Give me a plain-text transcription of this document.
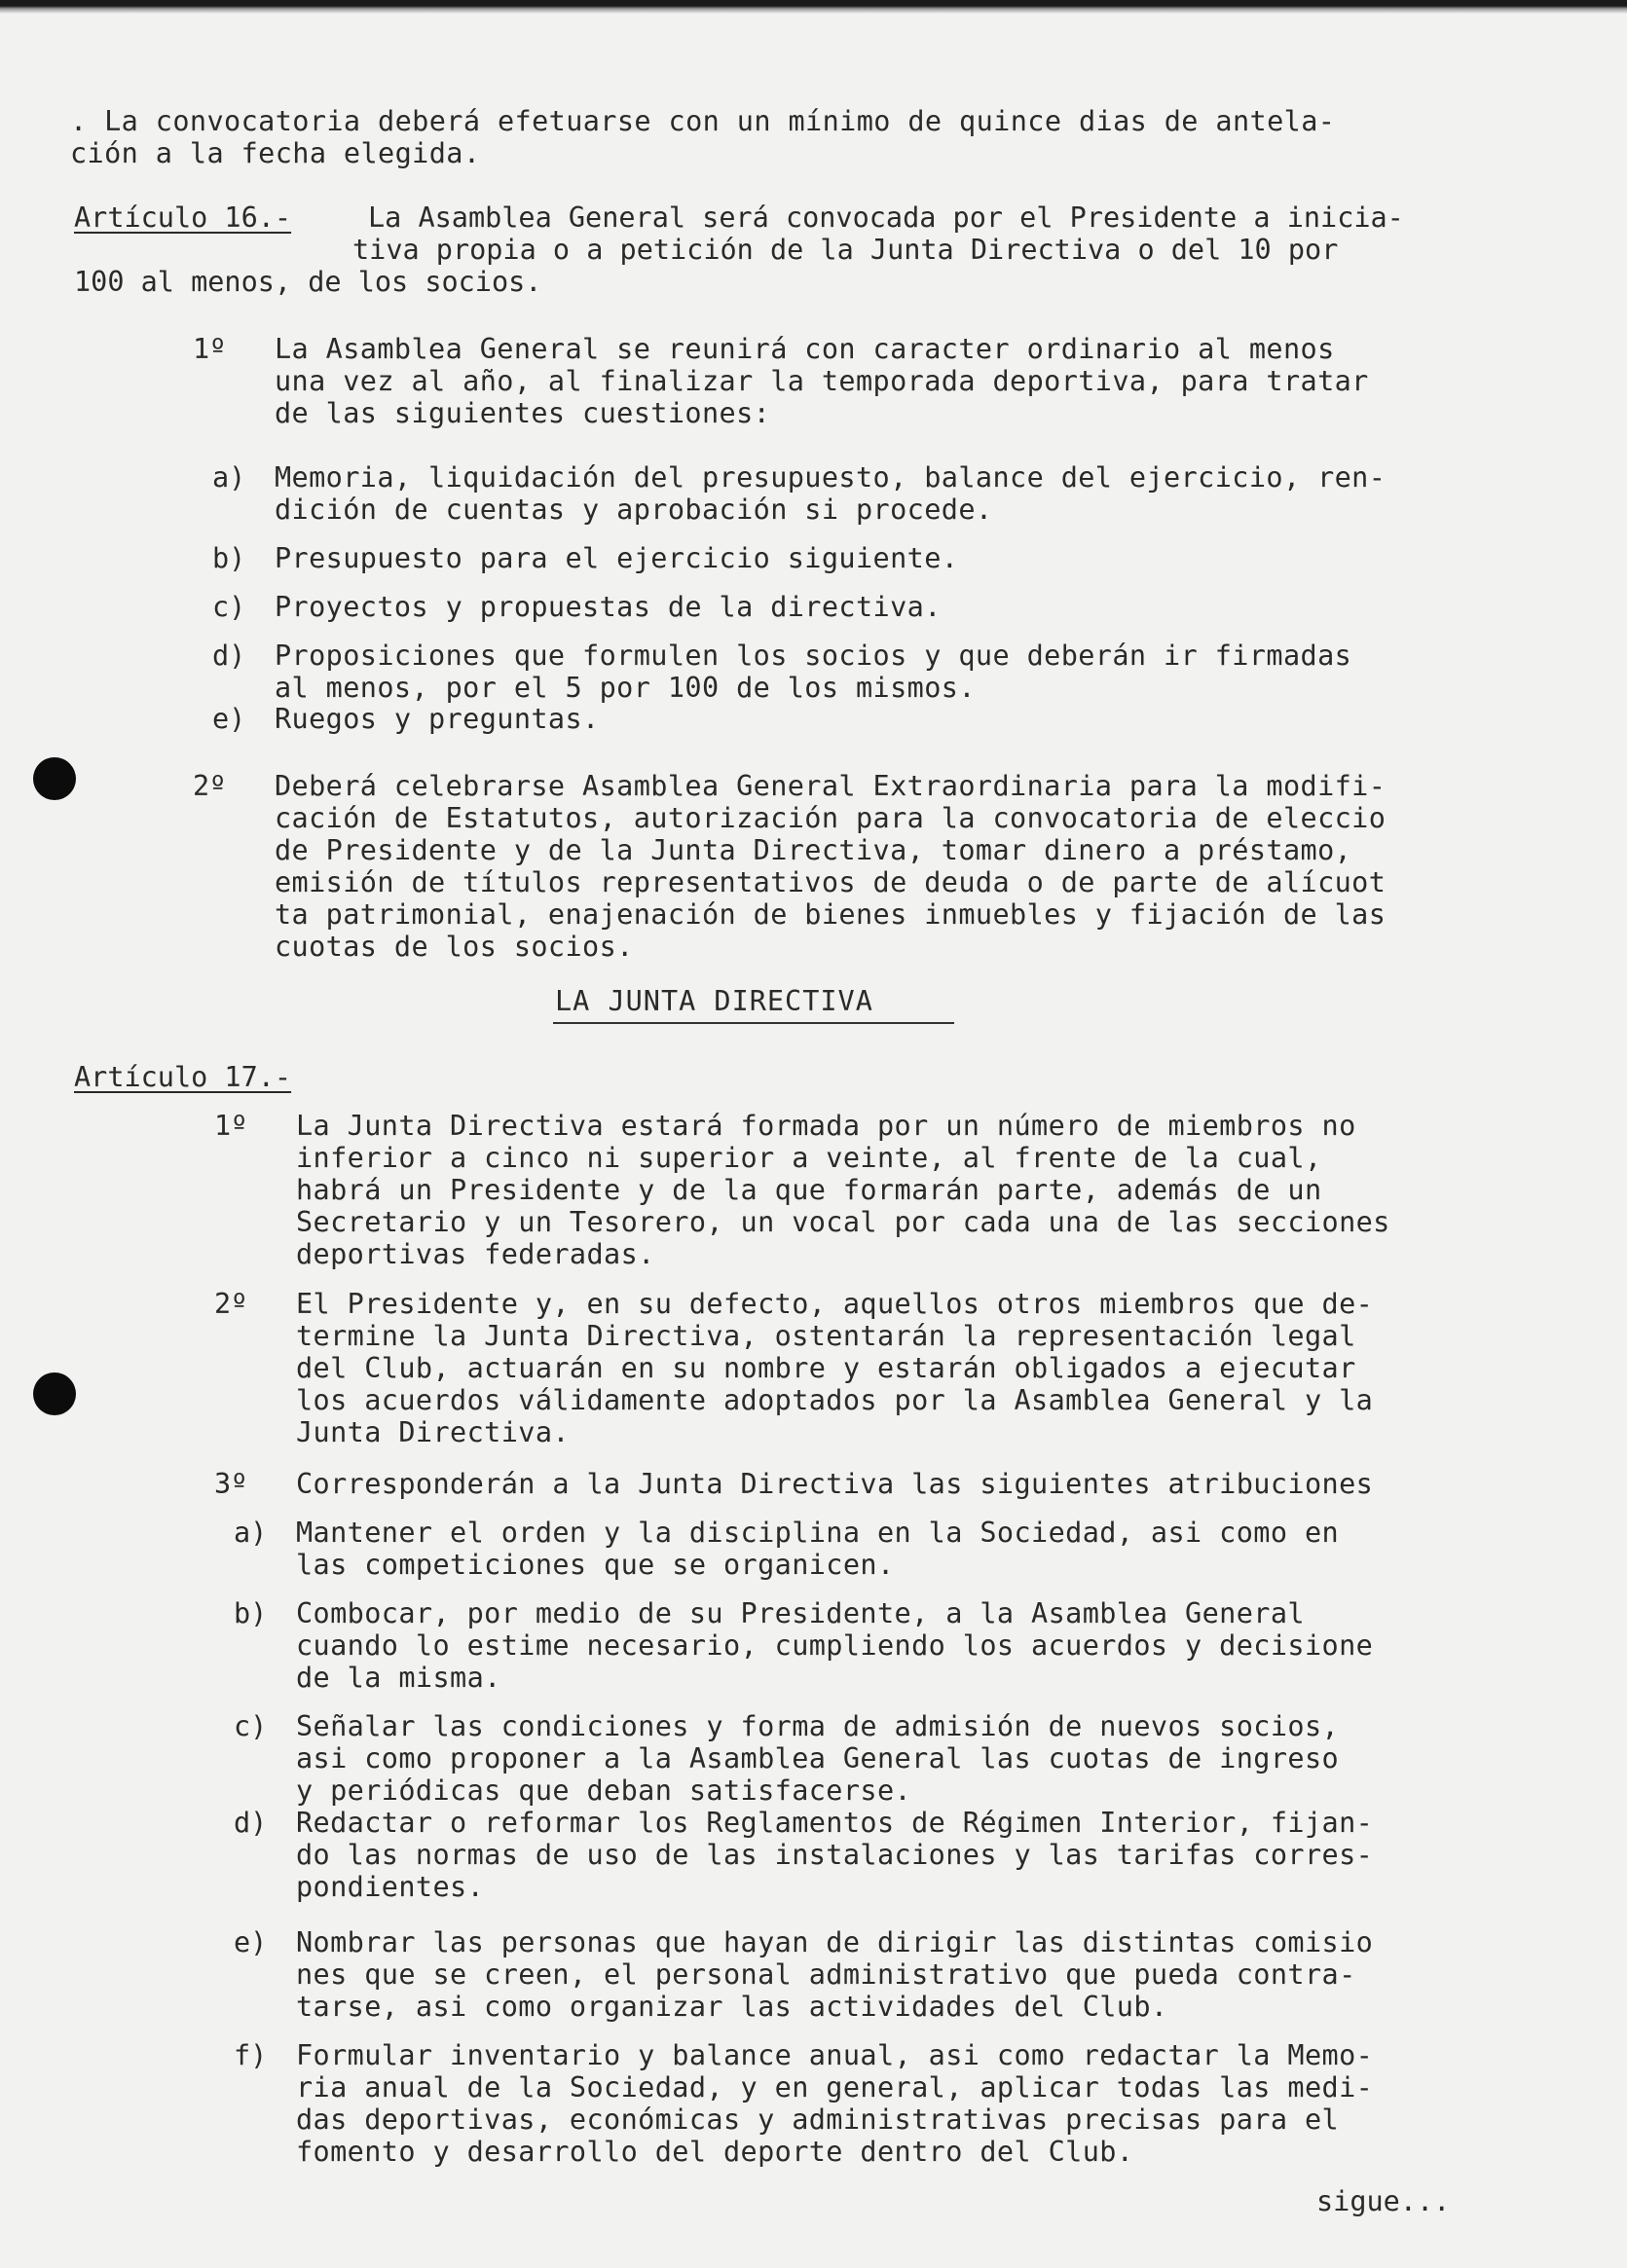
. La convocatoria deberá efetuarse con un mínimo de quince dias de antela-
ción a la fecha elegida.
Artículo 16.-	La Asamblea General será convocada por el Presidente a inicia-
tiva propia o a petición de la Junta Directiva o del 10 por
100 al menos, de los socios.
1º La Asamblea General se reunirá con caracter ordinario al menos
una vez al año, al finalizar la temporada deportiva, para tratar
de las siguientes cuestiones:
a) Memoria, liquidación del presupuesto, balance del ejercicio, ren-
dición de cuentas y aprobación si procede.
b) Presupuesto para el ejercicio siguiente.
c) Proyectos y propuestas de la directiva.
d) Proposiciones que formulen los socios y que deberán ir firmadas
al menos, por el 5 por 100 de los mismos.
e) Ruegos y preguntas.
2º Deberá celebrarse Asamblea General Extraordinaria para la modifi-
cación de Estatutos, autorización para la convocatoria de eleccio
de Presidente y de la Junta Directiva, tomar dinero a préstamo,
emisión de títulos representativos de deuda o de parte de alícuot
ta patrimonial, enajenación de bienes inmuebles y fijación de las
cuotas de los socios.
LA JUNTA DIRECTIVA
Artículo 17.-
1º La Junta Directiva estará formada por un número de miembros no
inferior a cinco ni superior a veinte, al frente de la cual,
habrá un Presidente y de la que formarán parte, además de un
Secretario y un Tesorero, un vocal por cada una de las secciones
deportivas federadas.
2º El Presidente y, en su defecto, aquellos otros miembros que de-
termine la Junta Directiva, ostentarán la representación legal
del Club, actuarán en su nombre y estarán obligados a ejecutar
los acuerdos válidamente adoptados por la Asamblea General y la
Junta Directiva.
3º Corresponderán a la Junta Directiva las siguientes atribuciones
a) Mantener el orden y la disciplina en la Sociedad, asi como en
las competiciones que se organicen.
b) Combocar, por medio de su Presidente, a la Asamblea General
cuando lo estime necesario, cumpliendo los acuerdos y decisione
de la misma.
c) Señalar las condiciones y forma de admisión de nuevos socios,
asi como proponer a la Asamblea General las cuotas de ingreso
y periódicas que deban satisfacerse.
d) Redactar o reformar los Reglamentos de Régimen Interior, fijan-
do las normas de uso de las instalaciones y las tarifas corres-
pondientes.
e) Nombrar las personas que hayan de dirigir las distintas comisio
nes que se creen, el personal administrativo que pueda contra-
tarse, asi como organizar las actividades del Club.
f) Formular inventario y balance anual, asi como redactar la Memo-
ria anual de la Sociedad, y en general, aplicar todas las medi-
das deportivas, económicas y administrativas precisas para el
fomento y desarrollo del deporte dentro del Club.
sigue...
